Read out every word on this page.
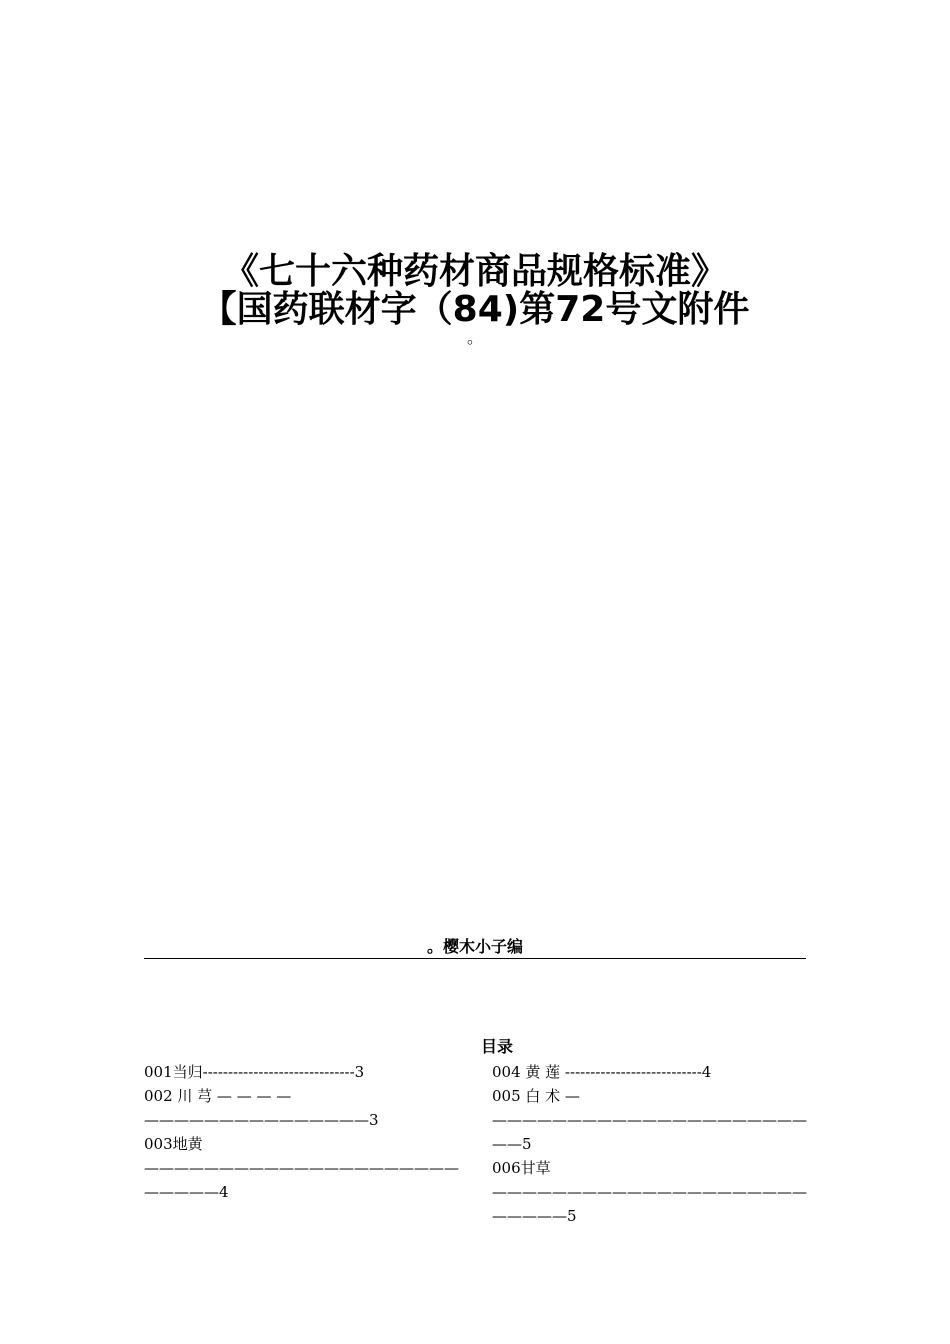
《七十六种药材商品规格标准》
【国药联材字（84)第72号文附件
。
。樱木小子编
目录

001当归------------------------------3

002 川 芎 — — — — ———————————————3

003地黄——————————————————————————4

004 黄 莲 ---------------------------4

005 白 术 — ———————————————————————5

006甘草——————————————————————————5
